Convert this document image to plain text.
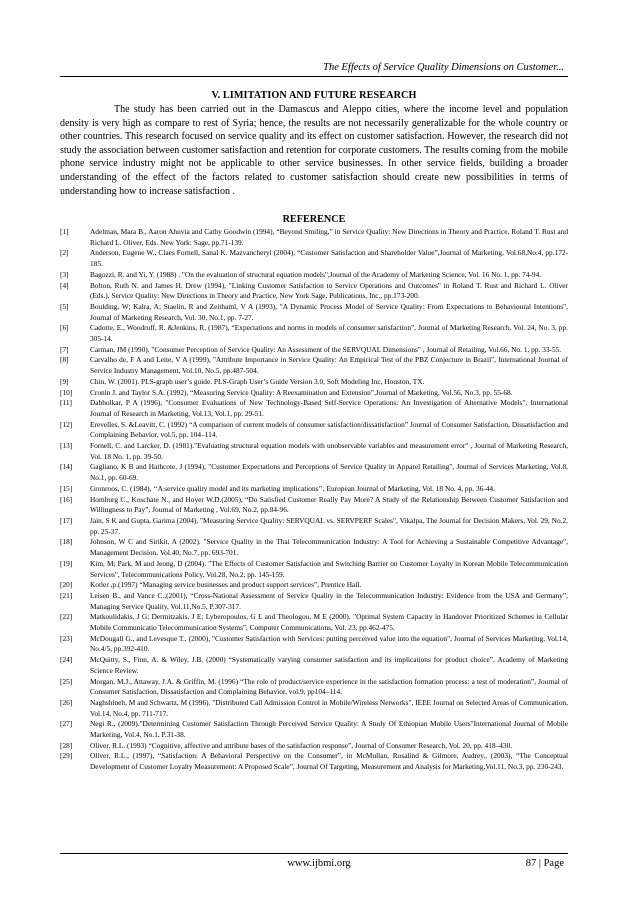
The Effects of Service Quality Dimensions on Customer...
V. LIMITATION AND FUTURE RESEARCH

The study has been carried out in the Damascus and Aleppo cities, where the income level and population density is very high as compare to rest of Syria; hence, the results are not necessarily generalizable for the whole country or other countries. This research focused on service quality and its effect on customer satisfaction. However, the research did not study the association between customer satisfaction and retention for corporate customers. The results coming from the mobile phone service industry might not be applicable to other service businesses. In other service fields, building a broader understanding of the effect of the factors related to customer satisfaction should create new possibilities in terms of understanding how to increase satisfaction .

REFERENCE
[1]	Adelman, Mara B., Aaron Ahuvia and Cathy Goodwin (1994), “Beyond Smiling,” in Service Quality: New Directions in Theory and Practice, Roland T. Rust and Richard L. Oliver, Eds. New York: Sage, pp.71-139.
[2]	Anderson, Eugene W., Claes Fornell, Sanal K. Mazvancheryl (2004), “Customer Satisfaction and Shareholder Value”,Journal of Marketing, Vol.68,No.4, pp.172-185.
[3]	Bagozzi, R. and Yi, Y. (1988) . "On the evaluation of structural equation models",Journal of the Academy of Marketing Science, Vol. 16 No. 1, pp. 74-94.
[4]	Bolton, Ruth N. and James H. Drew (1994), "Linking Customer Satisfaction to Service Operations and Outcomes" in Roland T. Rust and Richard L. Oliver (Eds.), Service Quality: New Directions in Theory and Practice, New York Sage, Publications, Inc., pp.173-200.
[5]	Boulding, W; Kalra, A; Staelin, R and Zeithaml, V A (1993), "A Dynamic Process Model of Service Quality: From Expectations to Behavioural Intentions", Journal of Marketing Research, Vol. 30, No.1, pp. 7-27.
[6]	Cadotte, E., Woodruff, R. &Jenkins, R. (1987), “Expectations and norms in models of consumer satisfaction”, Journal of Marketing Research, Vol. 24, No. 3, pp. 305-14.
[7]	Carman, JM (1990), "Consumer Perception of Service Quality: An Assessment of the SERVQUAL Dimensions" , Journal of Retailing, Vol.66, No. 1, pp. 33-55.
[8]	Carvalho de, F A and Leite, V A (1999), "Attribute Importance in Service Quality: An Empirical Test of the PBZ Conjecture in Brazil", International Journal of Service Industry Management, Vol.10, No.5, pp.487-504.
[9]	Chin, W. (2001). PLS-graph user’s guide. PLS-Graph User’s Guide Version 3.0, Soft Modeling Inc, Houston, TX.
[10]	Cronin J. and Taylor S.A. (1992), “Measuring Service Quality: A Reexamination and Extension”,Journal of Marketing, Vol.56, No.3, pp. 55-68.
[11]	Dabholkar, P A (1996), "Consumer Evaluations of New Technology-Based Self-Service Operations: An Investigation of Alternative Models", International Journal of Research in Marketing, Vol.13, Vol.1, pp. 29-51.
[12]	Erevelles, S. &Leavitt, C. (1992) “A comparison of current models of consumer satisfaction/dissatisfaction” Journal of Consumer Satisfaction, Dissatisfaction and Complaining Behavior, vol.5, pp. 104–114.
[13]	Fornell, C. and Larcker, D. (1981)."Evaluating structural equation models with unobservable variables and measurement error" , Journal of Marketing Research, Vol. 18 No. 1, pp. 39-50.
[14]	Gagliano, K B and Hathcote, J (1994), "Customer Expectations and Perceptions of Service Quality in Apparel Retailing", Journal of Services Marketing, Vol.8, No.1, pp. 60-69.
[15]	Gronroos, C. (1984), ‘‘A service quality model and its marketing implications’’, European Journal of Marketing, Vol. 18 No. 4, pp. 36-44.
[16]	Homburg C., Koschate N., and Hoyer W.D.(2005), “Do Satisfied Customer Really Pay More? A Study of the Relationship Between Customer Satisfaction and Willingness to Pay”, Journal of Marketing , Vol.69, No.2, pp.84-96.
[17]	Jain, S K and Gupta, Garima (2004), "Measuring Service Quality: SERVQUAL vs. SERVPERF Scales", Vikalpa, The Journal for Decision Makers, Vol. 29, No.2, pp. 25-37.
[18]	Johnson, W C and Sirikit, A (2002). "Service Quality in the Thai Telecommunication Industry: A Tool for Achieving a Sustainable Competitive Advantage", Management Decision, Vol.40, No.7, pp. 693-701.
[19]	Kim, M; Park, M and Jeong, D (2004). "The Effects of Customer Satisfaction and Switching Barrier on Customer Loyalty in Korean Mobile Telecommunication Services", Telecommunications Policy, Vol.28, No.2, pp. 145-159.
[20]	Kotler ,p.(1997) “Managing service businesses and product support services”, Prentice Hall.
[21]	Leisen B., and Vance C.,(2001), “Cross-National Assessment of Service Quality in the Telecommunication Industry: Evidence from the USA and Germany”, Managing Service Quality, Vol.11,No.5, P.307-317.
[22]	Matkoulidakis, J G; Dermitzakis, J E; Lyberopoulos, G L and Theologou, M E (2000). "Optimal System Capacity in Handover Prioritized Schemes in Cellular Mobile Communicatio Telecommunication Systems", Computer Communications, Vol. 23, pp.462-475.
[23]	McDougall G., and Levesque T., (2000), "Customer Satisfaction with Services: putting perceived value into the equation", Journal of Services Marketing, Vol.14, No.4/5, pp.392-410.
[24]	McQuitty, S., Finn, A. & Wiley, J.B. (2000) “Systematically varying consumer satisfaction and its implications for product choice”, Academy of Marketing Science Review.
[25]	Morgan, M.J., Attaway, J.A. & Griffin, M. (1996) “The role of product/service experience in the satisfaction formation process: a test of moderation”, Journal of Consumer Satisfaction, Dissatisfaction and Complaining Behavior, vol.9, pp104–114.
[26]	Naghshineh, M and Schwartz, M (1996). "Distributed Call Admission Control in Mobile/Wireless Networks", IEEE Journal on Selected Areas of Communication, Vol.14, No.4, pp. 711-717.
[27]	Negi R., (2009)."Determining Customer Satisfaction Through Perceived Service Quality: A Study Of Ethiopian Mobile Users"International Journal of Mobile Marketing, Vol.4, No.1, P.31-38.
[28]	Oliver, R.L. (1993) “Cognitive, affective and attribute bases of the satisfaction response”, Journal of Consumer Research, Vol. 20, pp. 418–430.
[29]	Oliver, R.L., (1997), “Satisfaction: A Behavioral Perspective on the Consumer”, in McMullan, Rosalind & Gilmore, Audrey., (2003), “The Conceptual Development of Customer Loyalty Measurement: A Proposed Scale”, Journal Of Targeting, Measurement and Analysis for Marketing,Vol.11, No.3, pp. 230-243.
www.ijbmi.org	87 | Page
